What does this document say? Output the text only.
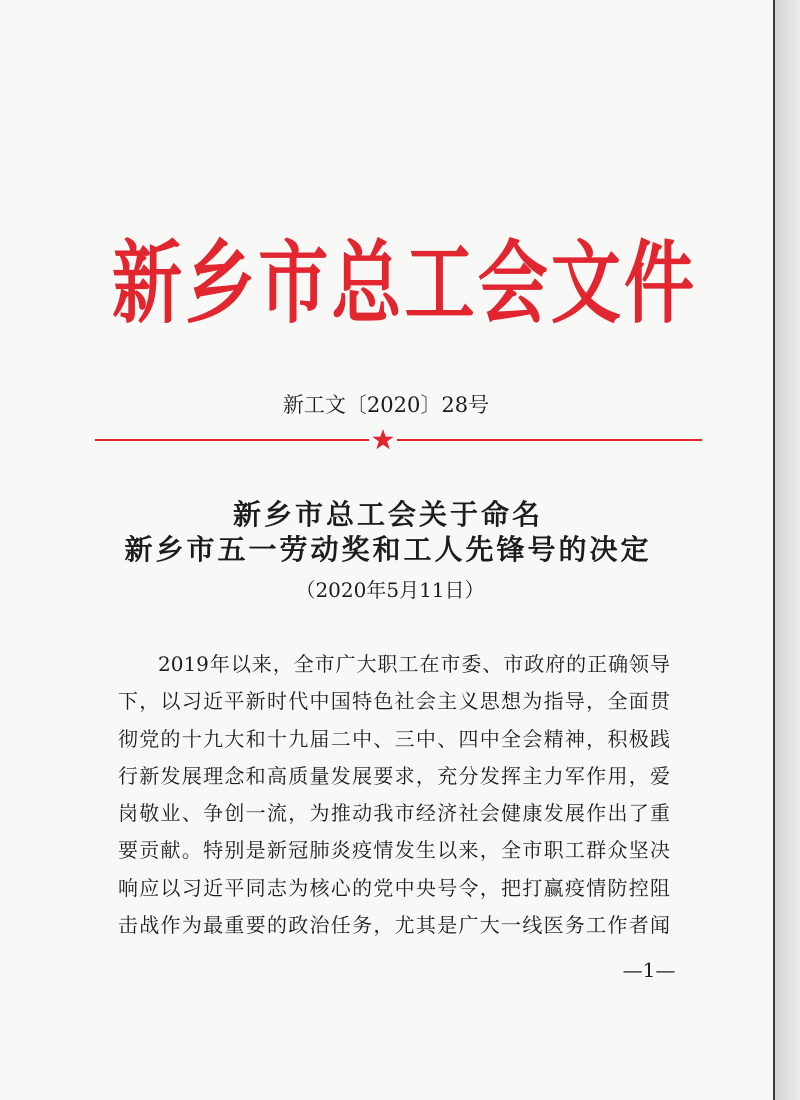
新乡市总工会文件
新工文〔2020〕28号
新乡市总工会关于命名
新乡市五一劳动奖和工人先锋号的决定
（2020年5月11日）
2019年以来，全市广大职工在市委、市政府的正确领导
下，以习近平新时代中国特色社会主义思想为指导，全面贯
彻党的十九大和十九届二中、三中、四中全会精神，积极践
行新发展理念和高质量发展要求，充分发挥主力军作用，爱
岗敬业、争创一流，为推动我市经济社会健康发展作出了重
要贡献。特别是新冠肺炎疫情发生以来，全市职工群众坚决
响应以习近平同志为核心的党中央号令，把打赢疫情防控阻
击战作为最重要的政治任务，尤其是广大一线医务工作者闻
—1—
